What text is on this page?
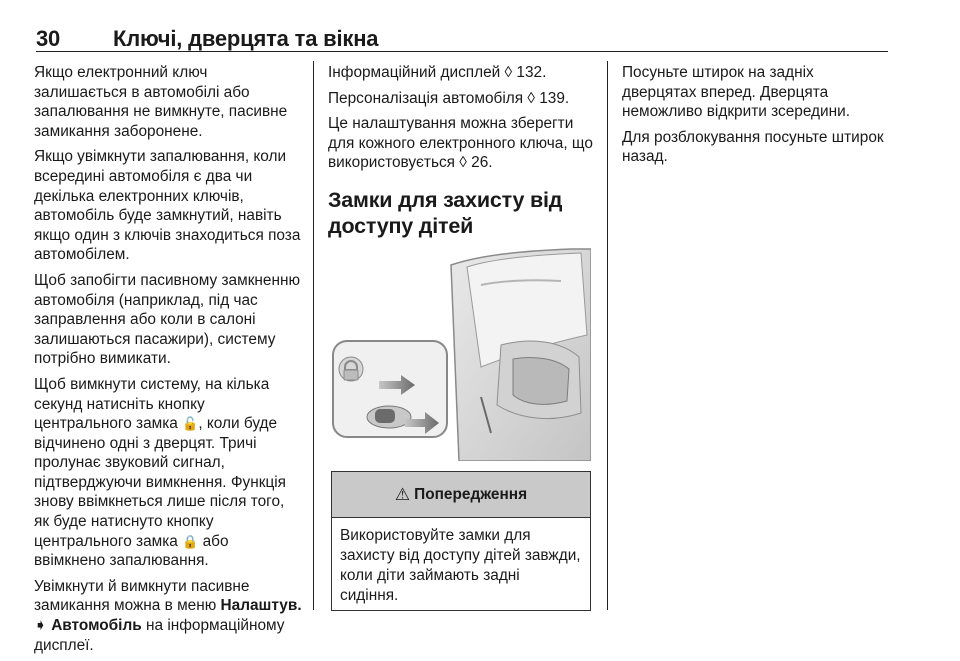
30 Ключі, дверцята та вікна

Якщо електронний ключ залишається в автомобілі або запалювання не вимкнуте, пасивне замикання заборонене.

Якщо увімкнути запалювання, коли всередині автомобіля є два чи декілька електронних ключів, автомобіль буде замкнутий, навіть якщо один з ключів знаходиться поза автомобілем.

Щоб запобігти пасивному замкненню автомобіля (наприклад, під час заправлення або коли в салоні залишаються пасажири), систему потрібно вимикати.

Щоб вимкнути систему, на кілька секунд натисніть кнопку центрального замка 🔓, коли буде відчинено одні з дверцят. Тричі пролунає звуковий сигнал, підтверджуючи вимкнення. Функція знову ввімкнеться лише після того, як буде натиснуто кнопку центрального замка 🔒 або ввімкнено запалювання.

Увімкнути й вимкнути пасивне замикання можна в меню Налаштув. ➧ Автомобіль на інформаційному дисплеї.

Інформаційний дисплей ◊ 132.

Персоналізація автомобіля ◊ 139.

Це налаштування можна зберегти для кожного електронного ключа, що використовується ◊ 26.

Замки для захисту від доступу дітей
⚠ Попередження
Використовуйте замки для захисту від доступу дітей завжди, коли діти займають задні сидіння.

Посуньте штирок на задніх дверцятах вперед. Дверцята неможливо відкрити зсередини.

Для розблокування посуньте штирок назад.
